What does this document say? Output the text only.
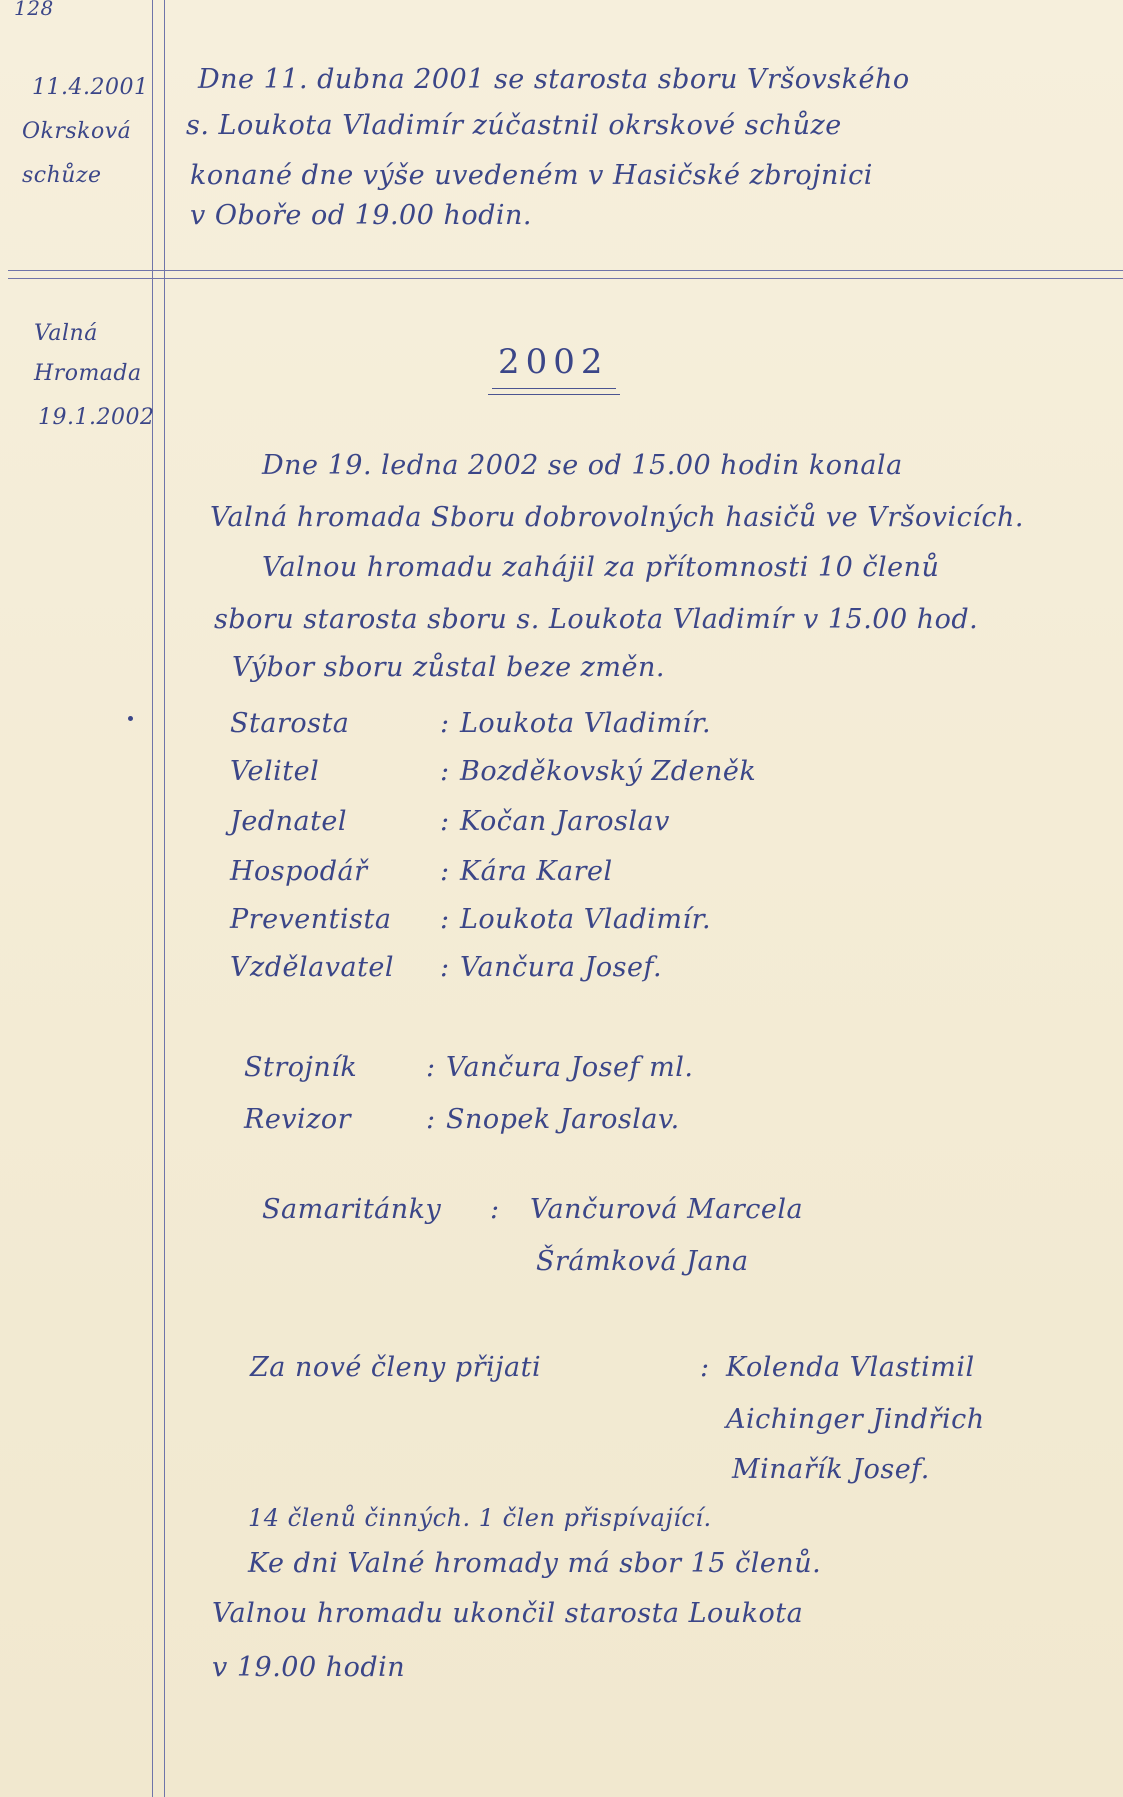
128
11.4.2001
Okrsková
schůze
Dne 11. dubna 2001 se starosta sboru Vršovského
s. Loukota Vladimír zúčastnil okrskové schůze
konané dne výše uvedeném v Hasičské zbrojnici
v Oboře od 19.00 hodin.
Valná
Hromada
19.1.2002
2002
Dne 19. ledna 2002 se od 15.00 hodin konala
Valná hromada Sboru dobrovolných hasičů ve Vršovicích.
Valnou hromadu zahájil za přítomnosti 10 členů
sboru starosta sboru s. Loukota Vladimír v 15.00 hod.
Výbor sboru zůstal beze změn.
Starosta	: Loukota Vladimír.
Velitel	: Bozděkovský Zdeněk
Jednatel	: Kočan Jaroslav
Hospodář	: Kára Karel
Preventista : Loukota Vladimír.
Vzdělavatel : Vančura Josef.
Strojník	: Vančura Josef ml.
Revizor	: Snopek Jaroslav.
Samaritánky : Vančurová Marcela
Šrámková Jana
Za nové členy přijati	: Kolenda Vlastimil
Aichinger Jindřich
Minařík Josef.
14 členů činných. 1 člen přispívající.
Ke dni Valné hromady má sbor 15 členů.
Valnou hromadu ukončil starosta Loukota
v 19.00 hodin
